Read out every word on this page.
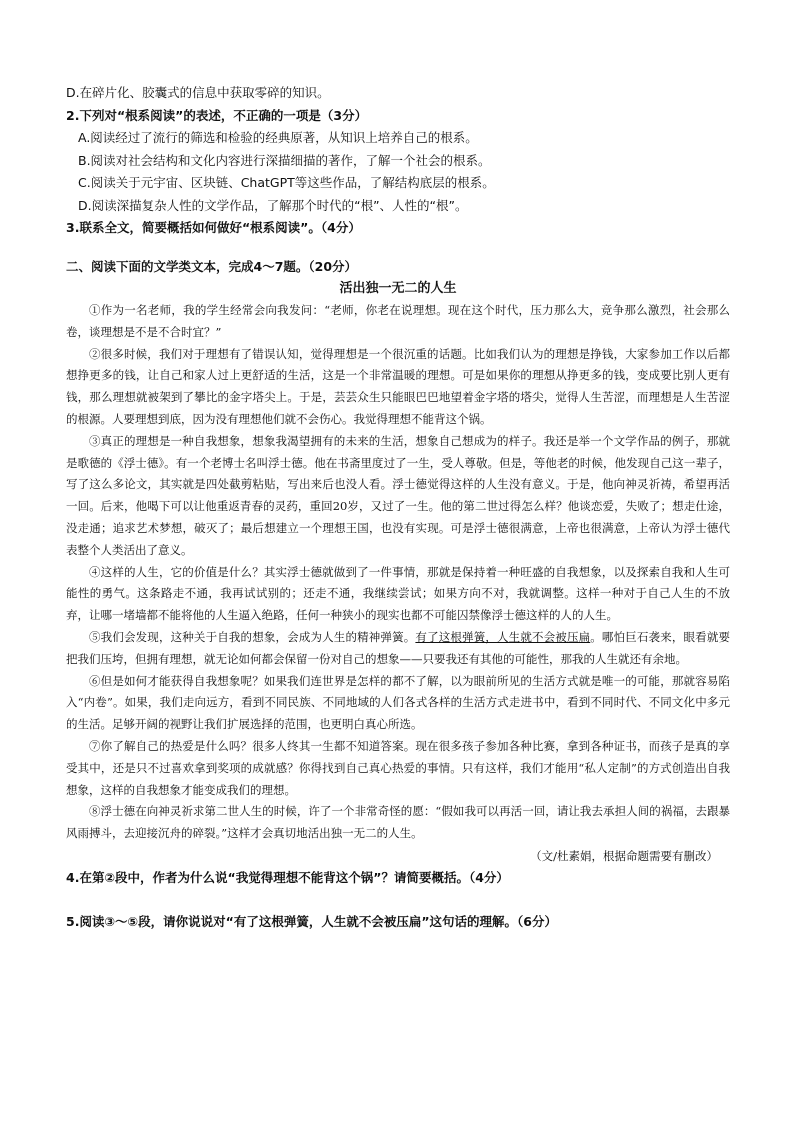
D.在碎片化、胶囊式的信息中获取零碎的知识。
2.下列对“根系阅读”的表述，不正确的一项是（3分）
A.阅读经过了流行的筛选和检验的经典原著，从知识上培养自己的根系。
B.阅读对社会结构和文化内容进行深描细描的著作，了解一个社会的根系。
C.阅读关于元宇宙、区块链、ChatGPT等这些作品，了解结构底层的根系。
D.阅读深描复杂人性的文学作品，了解那个时代的“根”、人性的“根”。
3.联系全文，简要概括如何做好“根系阅读”。（4分）
二、阅读下面的文学类文本，完成4～7题。（20分）
活出独一无二的人生

①作为一名老师，我的学生经常会向我发问：“老师，你老在说理想。现在这个时代，压力那么大，竞争那么激烈，社会那么卷，谈理想是不是不合时宜？”

②很多时候，我们对于理想有了错误认知，觉得理想是一个很沉重的话题。比如我们认为的理想是挣钱，大家参加工作以后都想挣更多的钱，让自己和家人过上更舒适的生活，这是一个非常温暖的理想。可是如果你的理想从挣更多的钱，变成要比别人更有钱，那么理想就被架到了攀比的金字塔尖上。于是，芸芸众生只能眼巴巴地望着金字塔的塔尖，觉得人生苦涩，而理想是人生苦涩的根源。人要理想到底，因为没有理想他们就不会伤心。我觉得理想不能背这个锅。

③真正的理想是一种自我想象，想象我渴望拥有的未来的生活，想象自己想成为的样子。我还是举一个文学作品的例子，那就是歌德的《浮士德》。有一个老博士名叫浮士德。他在书斋里度过了一生，受人尊敬。但是，等他老的时候，他发现自己这一辈子，写了这么多论文，其实就是四处截剪粘贴，写出来后也没人看。浮士德觉得这样的人生没有意义。于是，他向神灵祈祷，希望再活一回。后来，他喝下可以让他重返青春的灵药，重回20岁，又过了一生。他的第二世过得怎么样？他谈恋爱，失败了；想走仕途，没走通；追求艺术梦想，破灭了；最后想建立一个理想王国，也没有实现。可是浮士德很满意，上帝也很满意，上帝认为浮士德代表整个人类活出了意义。

④这样的人生，它的价值是什么？其实浮士德就做到了一件事情，那就是保持着一种旺盛的自我想象，以及探索自我和人生可能性的勇气。这条路走不通，我再试试别的；还走不通，我继续尝试；如果方向不对，我就调整。这样一种对于自己人生的不放弃，让哪一堵墙都不能将他的人生逼入绝路，任何一种狭小的现实也都不可能囚禁像浮士德这样的人的人生。

⑤我们会发现，这种关于自我的想象，会成为人生的精神弹簧。有了这根弹簧，人生就不会被压扁。哪怕巨石袭来，眼看就要把我们压垮，但拥有理想，就无论如何都会保留一份对自己的想象——只要我还有其他的可能性，那我的人生就还有余地。

⑥但是如何才能获得自我想象呢？如果我们连世界是怎样的都不了解，以为眼前所见的生活方式就是唯一的可能，那就容易陷入“内卷”。如果，我们走向远方，看到不同民族、不同地域的人们各式各样的生活方式走进书中，看到不同时代、不同文化中多元的生活。足够开阔的视野让我们扩展选择的范围，也更明白真心所选。

⑦你了解自己的热爱是什么吗？很多人终其一生都不知道答案。现在很多孩子参加各种比赛，拿到各种证书，而孩子是真的享受其中，还是只不过喜欢拿到奖项的成就感？你得找到自己真心热爱的事情。只有这样，我们才能用“私人定制”的方式创造出自我想象，这样的自我想象才能变成我们的理想。

⑧浮士德在向神灵祈求第二世人生的时候，许了一个非常奇怪的愿：“假如我可以再活一回，请让我去承担人间的祸福，去跟暴风雨搏斗，去迎接沉舟的碎裂。”这样才会真切地活出独一无二的人生。

（文/杜素娟，根据命题需要有删改）
4.在第②段中，作者为什么说“我觉得理想不能背这个锅”？请简要概括。（4分）
5.阅读③～⑤段，请你说说对“有了这根弹簧，人生就不会被压扁”这句话的理解。（6分）
